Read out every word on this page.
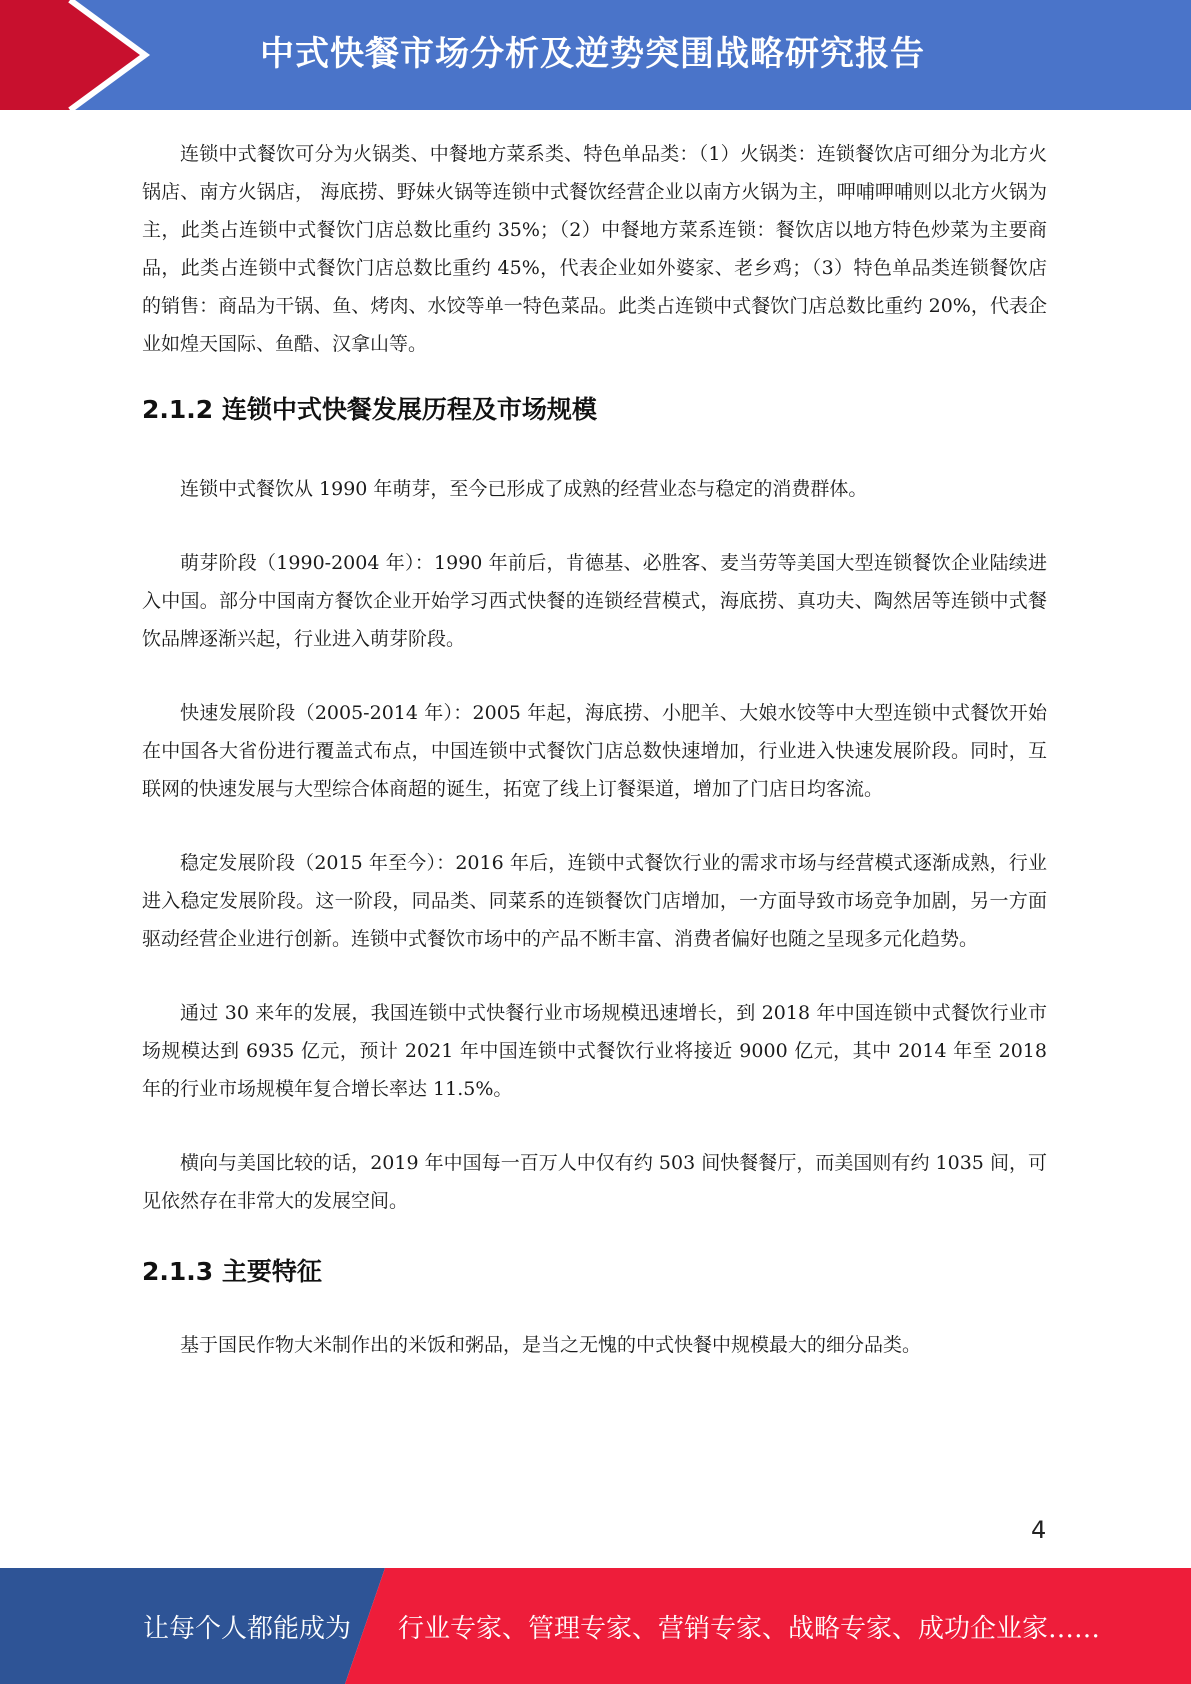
中式快餐市场分析及逆势突围战略研究报告

连锁中式餐饮可分为火锅类、中餐地方菜系类、特色单品类：（1）火锅类：连锁餐饮店可细分为北方火锅店、南方火锅店， 海底捞、野妹火锅等连锁中式餐饮经营企业以南方火锅为主，呷哺呷哺则以北方火锅为主，此类占连锁中式餐饮门店总数比重约 35%；（2）中餐地方菜系连锁：餐饮店以地方特色炒菜为主要商品，此类占连锁中式餐饮门店总数比重约 45%，代表企业如外婆家、老乡鸡；（3）特色单品类连锁餐饮店的销售：商品为干锅、鱼、烤肉、水饺等单一特色菜品。此类占连锁中式餐饮门店总数比重约 20%，代表企业如煌天国际、鱼酷、汉拿山等。

2.1.2 连锁中式快餐发展历程及市场规模

连锁中式餐饮从 1990 年萌芽，至今已形成了成熟的经营业态与稳定的消费群体。

萌芽阶段（1990-2004 年）：1990 年前后，肯德基、必胜客、麦当劳等美国大型连锁餐饮企业陆续进入中国。部分中国南方餐饮企业开始学习西式快餐的连锁经营模式，海底捞、真功夫、陶然居等连锁中式餐饮品牌逐渐兴起，行业进入萌芽阶段。

快速发展阶段（2005-2014 年）：2005 年起，海底捞、小肥羊、大娘水饺等中大型连锁中式餐饮开始在中国各大省份进行覆盖式布点，中国连锁中式餐饮门店总数快速增加，行业进入快速发展阶段。同时，互联网的快速发展与大型综合体商超的诞生，拓宽了线上订餐渠道，增加了门店日均客流。

稳定发展阶段（2015 年至今）：2016 年后，连锁中式餐饮行业的需求市场与经营模式逐渐成熟，行业进入稳定发展阶段。这一阶段，同品类、同菜系的连锁餐饮门店增加，一方面导致市场竞争加剧，另一方面驱动经营企业进行创新。连锁中式餐饮市场中的产品不断丰富、消费者偏好也随之呈现多元化趋势。

通过 30 来年的发展，我国连锁中式快餐行业市场规模迅速增长，到 2018 年中国连锁中式餐饮行业市场规模达到 6935 亿元，预计 2021 年中国连锁中式餐饮行业将接近 9000 亿元，其中 2014 年至 2018 年的行业市场规模年复合增长率达 11.5%。

横向与美国比较的话，2019 年中国每一百万人中仅有约 503 间快餐餐厅，而美国则有约 1035 间，可见依然存在非常大的发展空间。

2.1.3 主要特征

基于国民作物大米制作出的米饭和粥品，是当之无愧的中式快餐中规模最大的细分品类。

4
让每个人都能成为 行业专家、管理专家、营销专家、战略专家、成功企业家……
